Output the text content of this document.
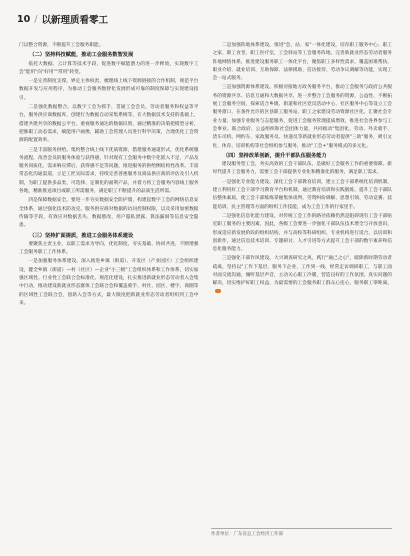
10 / 以新理质看零工

门以整合资源，不断提升工会服务职能。

（二）坚持科技赋能，推动工会服务数智发展

依托大数据、云计算等技术手段，促进数字赋能潜力的进一步释放，实现数字工会"能用"向"好用""常用"转变。

一是完善制度支撑。界定主体权责，梳理线上线下资源链接的合作机制，规范平台数据开发与应用程序，为推动工会服务数智化发展形成可靠的制度保障与实现建设指引。

二是强化数据整合。以数字工会为抓手，贯通工会会员、劳动者服务和权益等平台，服务供应商数据库，创建行为数据自动采集系统等，在大数据技术支持的基础上，搭建共建共享的数据公平台，重视服务通达的数据识别，通过精准的决策把模型分析，把脉职工动态需求，赋能用户画像，辅助工会管理人员进行科学决策，合理优化工会资源的配置效率。

三是丰富服务供给。集约整合线上线下优质资源，搭建服务通道形式，优化系统服务流程，改善会员的服务体验与获得感，针对现有工会服务中数字化嵌入不足、产品及服务同质化、需求响应滞后，获得感不足等问题，推进服务的供给侧结构性改革。丰富常态化沟通渠道，立足工匠实际需求，持续完善普惠服务及商品供应商的评估及引人机制，为职工提供多品类、可选择、定制化的福利产品，并着力将工会服务内容线上服务各地，精准推送项目或职工所需服务，满足职工不断提升的品质生活所需。

四是保障数据安全。要进一步夯实数据安全防护墙，构建起数字工会的网络信息安全体系，通过强化技术防攻克、服务供应商对数据的访问控制权限，以及采用加密数据传输等手段，有效应对数据丢失、数据篡改、用户隐私泄露、算法漏洞等信息安全隐患。

（三）坚持扩面提质，推进工会服务体系建设

要聚焦主责主业，以职工需求为导向，优化制度、夯实基础、协同共进，不断增强工会服务职工工作体系。

一是加强服务体系建设。深入推进乡镇（街道）、开发区（产业园区）工会组织建设，健全乡镇（街道）—村（社区）—企业"小三级"工会组织体系和工作体系，切实加强区域性、行业性工会联合会标准化、规范化建设，扎实推进新就业形态劳动者入会集中行动，推动建设新就业形态群体工会联合会和覆盖骑手、村社、园区、楼宇、商圈等的区域性工会联合会，创新入会等方式，最大限度把新就业形态劳动者组织到工会中来。

二是加强阵地体系建设。推进"会、站、家"一体化建设，培育职工服务中心、职工之家、职工食堂、职工医疗室，工会驿站等工会服务阵地，完善新就业形态劳动者服务阵地网络体系，推进建设服务职工一体化平台，聚焦职工多样性需求，覆盖困难帮扶、职业介绍、就业培训、互助保障、法律援助、信访接待、劳动争议调解等功能，实现工会一站式服务。

三是加强资源体系建设。积极对接地方政务服务平台，推动工会服务与政府公共服务的资源共享、信息互通和大数据共享，进一步整合工会服务的资源，公益性、不断拓展工会服务空间，探索适合乡镇、街道和社区党员活动中心、社区服务中心等设立工会服务窗口，在条件允许的区县职工服务站、职工之家建设劳动资源社区化，汇聚社会专业力量、加强专业服务与志愿服务，促进工会服务管理提质增效，推进社会各界参与工会事业。联合政府、公益组织和社会团体力量，共同推动"集团化、劳动、外卖骑手、货车司机、网约车、家政服务员、快递员等新就业形态劳动者提供"三助"服务，吸引文化、体育、培训机构等社会组织参与服务，推动"工会+"服务模式的多元化。

（四）坚持改革创新，提升干部队伍服务能力

建设服务型工会，务实高效的工会干部队伍，是做好工会服务工作的重要保障。新时代提升工会服务力，需要工会干部提供专业化和精准化的服务，满足职工需求。

一是强化专业能力建设。深化工会干部教育培训，建立工会干部系统化培训机制，建立利用好工会干部学习教育平台和机制，通过教育培训和实践锻炼，提升工会干部队伍整体素质，使工会干部练练掌握集体谈判、劳资纠纷调解、思想引领、劳动竞赛、技能培训、民主管理等方面的组织工作技能，成为工会工作的行家里手。

二是强化信息化能力建设。对传统工会工作的路径依赖仍然是阻碍现有工会干部贴近职工服务的主要因素，因此，各级工会要进一步强化干部队伍技术增全与开放意识，形成适应新发展阶段的组织结构，并与高校等科研组织、专业机构进行适合，以培训和创新作，通过信息技术培训、专题研讨、人才引进等方式提升工会干部的数字素养和信息化服务能力。

三是强化干部作风建设。大兴调查研究之风，践行"通己之心"，破除新时期劳动者疏离，坚持以"工作下基层、服务下企业、工作到一线、经常走访调研职工，与职工面对面交流沟通，倾听基层声音，主动关心职工冷暖，营造良好的工作氛围，真实问题的解决，切实维护好职工权益，为最需要的工会服务职工群众心连心，服务职工零距离。

作者单位：广东省总工会经济工作部
